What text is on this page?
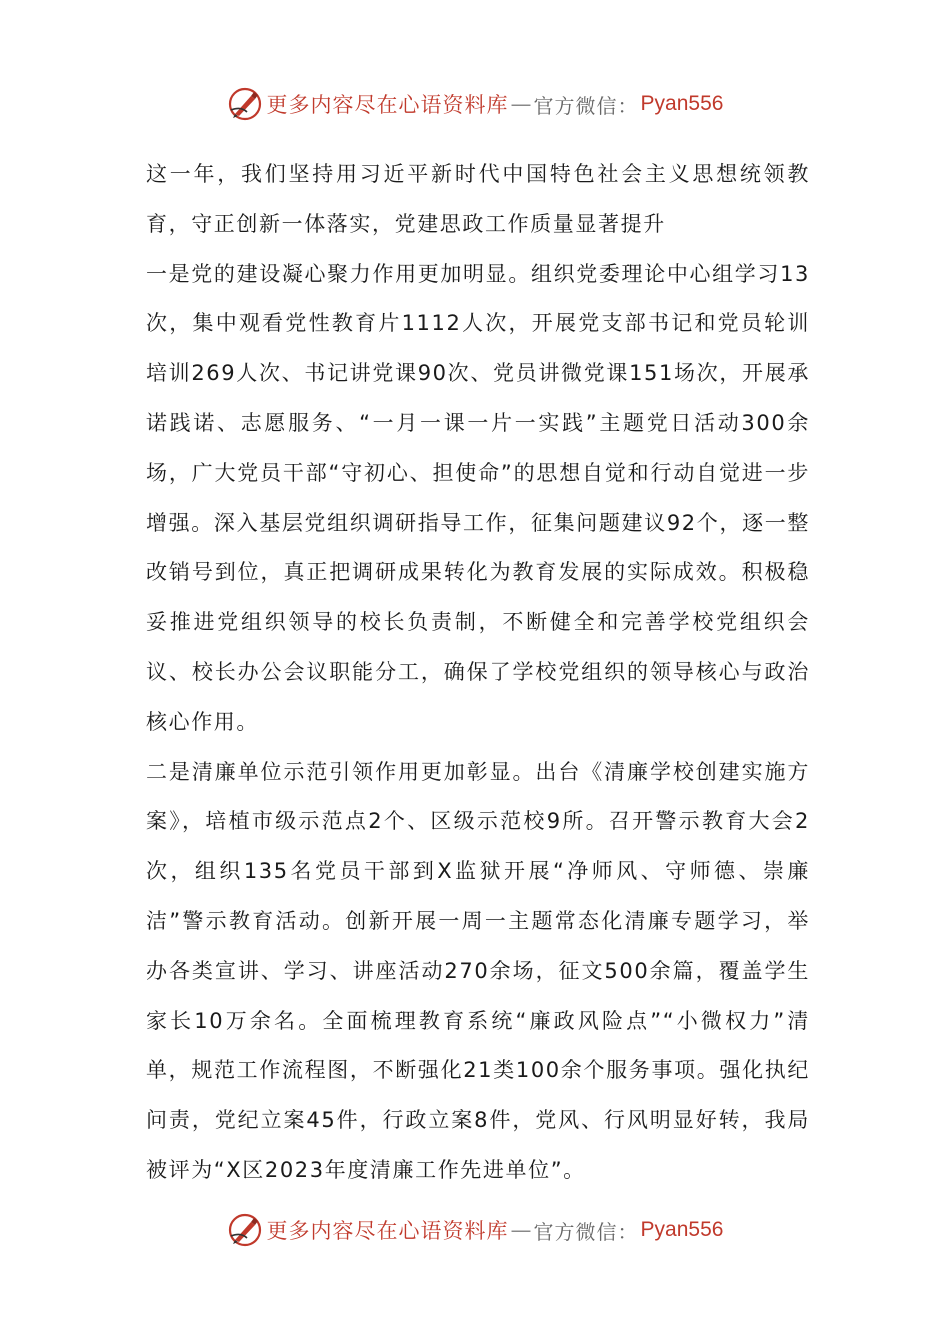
更多内容尽在心语资料库 — 官方微信： Pyan556

这一年，我们坚持用习近平新时代中国特色社会主义思想统领教育，守正创新一体落实，党建思政工作质量显著提升

一是党的建设凝心聚力作用更加明显。组织党委理论中心组学习13次，集中观看党性教育片1112人次，开展党支部书记和党员轮训培训269人次、书记讲党课90次、党员讲微党课151场次，开展承诺践诺、志愿服务、“一月一课一片一实践”主题党日活动300余场，广大党员干部“守初心、担使命”的思想自觉和行动自觉进一步增强。深入基层党组织调研指导工作，征集问题建议92个，逐一整改销号到位，真正把调研成果转化为教育发展的实际成效。积极稳妥推进党组织领导的校长负责制，不断健全和完善学校党组织会议、校长办公会议职能分工，确保了学校党组织的领导核心与政治核心作用。

二是清廉单位示范引领作用更加彰显。出台《清廉学校创建实施方案》，培植市级示范点2个、区级示范校9所。召开警示教育大会2次，组织135名党员干部到X监狱开展“净师风、守师德、崇廉洁”警示教育活动。创新开展一周一主题常态化清廉专题学习，举办各类宣讲、学习、讲座活动270余场，征文500余篇，覆盖学生家长10万余名。全面梳理教育系统“廉政风险点”“小微权力”清单，规范工作流程图，不断强化21类100余个服务事项。强化执纪问责，党纪立案45件，行政立案8件，党风、行风明显好转，我局被评为“X区2023年度清廉工作先进单位”。

更多内容尽在心语资料库 — 官方微信： Pyan556
